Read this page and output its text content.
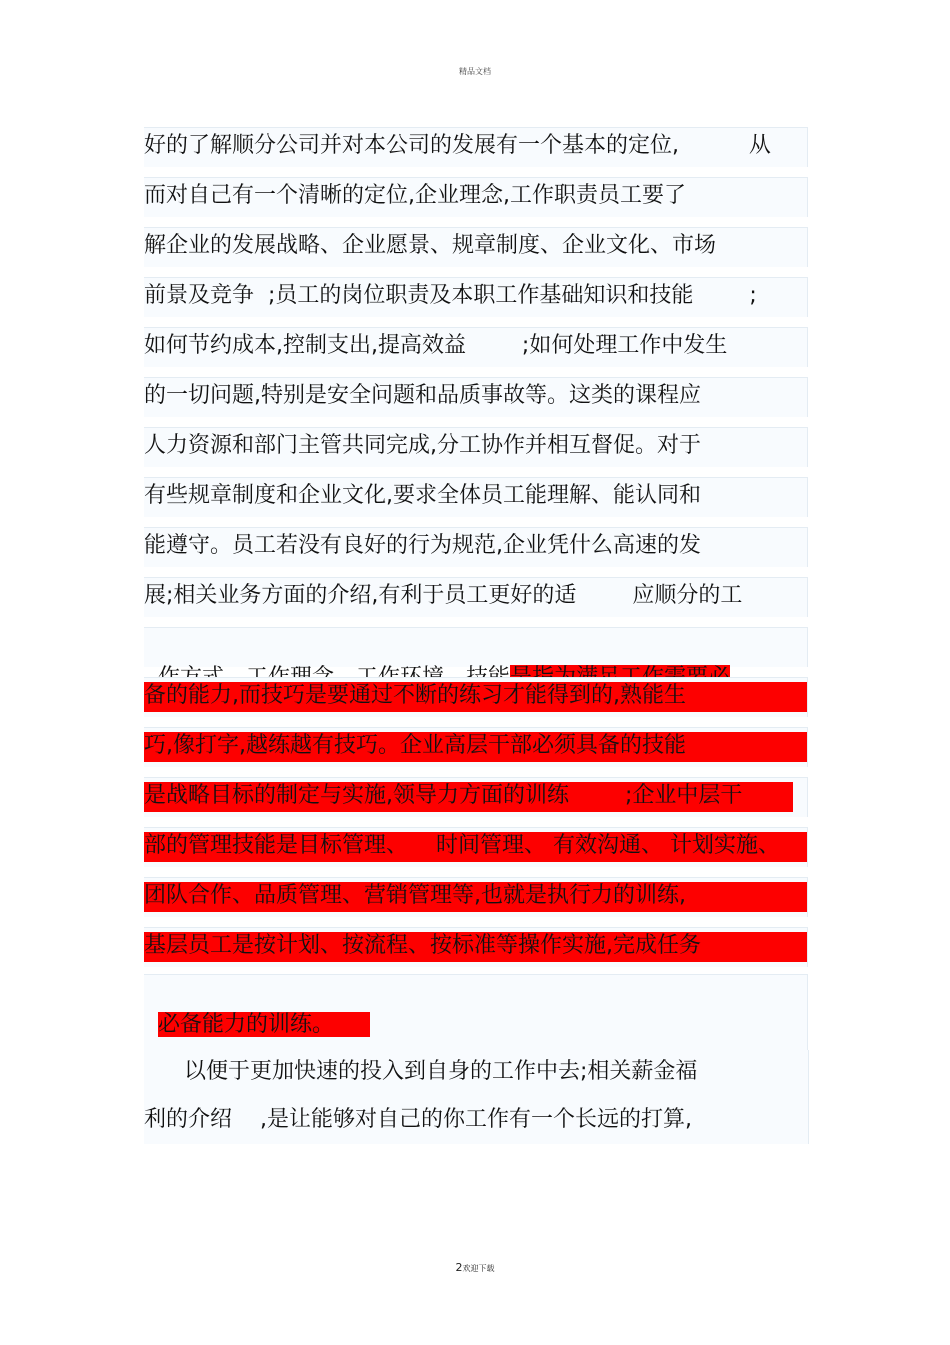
精品文档
好的了解顺分公司并对本公司的发展有一个基本的定位,          从
而对自己有一个清晰的定位,企业理念,工作职责员工要了
解企业的发展战略、企业愿景、规章制度、企业文化、市场
前景及竞争  ;员工的岗位职责及本职工作基础知识和技能        ;
如何节约成本,控制支出,提高效益        ;如何处理工作中发生
的一切问题,特别是安全问题和品质事故等。这类的课程应
人力资源和部门主管共同完成,分工协作并相互督促。对于
有些规章制度和企业文化,要求全体员工能理解、能认同和
能遵守。员工若没有良好的行为规范,企业凭什么高速的发
展;相关业务方面的介绍,有利于员工更好的适        应顺分的工

备的能力,而技巧是要通过不断的练习才能得到的,熟能生
巧,像打字,越练越有技巧。企业高层干部必须具备的技能
是战略目标的制定与实施,领导力方面的训练        ;企业中层干
部的管理技能是目标管理、    时间管理、 有效沟通、 计划实施、
团队合作、品质管理、营销管理等,也就是执行力的训练,
基层员工是按计划、按流程、按标准等操作实施,完成任务

必备能力的训练。

以便于更加快速的投入到自身的工作中去;相关薪金福
利的介绍    ,是让能够对自己的你工作有一个长远的打算,
2欢迎下载
